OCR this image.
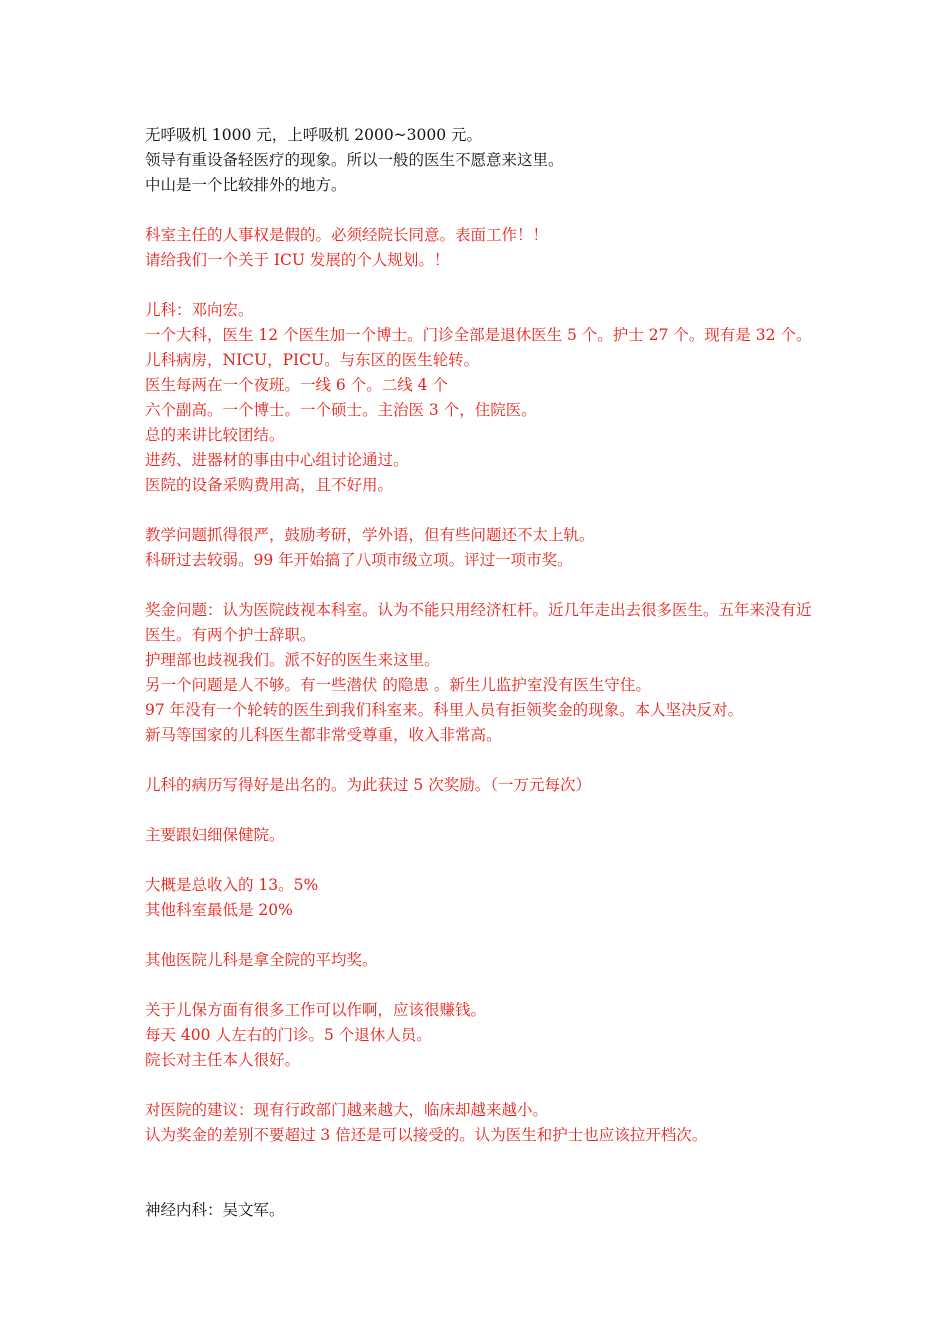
无呼吸机 1000 元，上呼吸机 2000~3000 元。

领导有重设备轻医疗的现象。所以一般的医生不愿意来这里。

中山是一个比较排外的地方。

科室主任的人事权是假的。必须经院长同意。表面工作！！

请给我们一个关于 ICU 发展的个人规划。！

儿科：邓向宏。

一个大科，医生 12 个医生加一个博士。门诊全部是退休医生 5 个。护士 27 个。现有是 32 个。

儿科病房，NICU，PICU。与东区的医生轮转。

医生每两在一个夜班。一线 6 个。二线 4 个

六个副高。一个博士。一个硕士。主治医 3 个，住院医。

总的来讲比较团结。

进药、进器材的事由中心组讨论通过。

医院的设备采购费用高，且不好用。

教学问题抓得很严，鼓励考研，学外语，但有些问题还不太上轨。

科研过去较弱。99 年开始搞了八项市级立项。评过一项市奖。

奖金问题：认为医院歧视本科室。认为不能只用经济杠杆。近几年走出去很多医生。五年来没有近医生。有两个护士辞职。

护理部也歧视我们。派不好的医生来这里。

另一个问题是人不够。有一些潜伏 的隐患 。新生儿监护室没有医生守住。

97 年没有一个轮转的医生到我们科室来。科里人员有拒领奖金的现象。本人坚决反对。

新马等国家的儿科医生都非常受尊重，收入非常高。

儿科的病历写得好是出名的。为此获过 5 次奖励。（一万元每次）

主要跟妇细保健院。

大概是总收入的 13。5%

其他科室最低是 20%

其他医院儿科是拿全院的平均奖。

关于儿保方面有很多工作可以作啊，应该很赚钱。

每天 400 人左右的门诊。5 个退休人员。

院长对主任本人很好。

对医院的建议：现有行政部门越来越大，临床却越来越小。

认为奖金的差别不要超过 3 倍还是可以接受的。认为医生和护士也应该拉开档次。

神经内科：吴文军。
